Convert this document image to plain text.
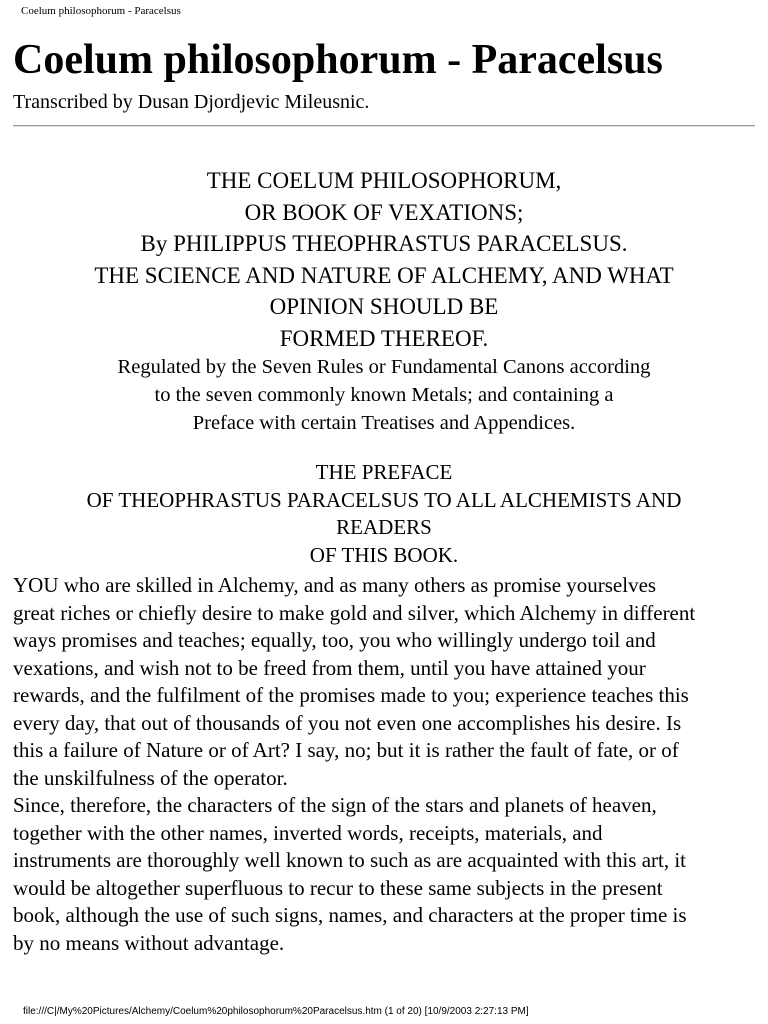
Coelum philosophorum - Paracelsus
Coelum philosophorum - Paracelsus
Transcribed by Dusan Djordjevic Mileusnic.
THE COELUM PHILOSOPHORUM,
OR BOOK OF VEXATIONS;
By PHILIPPUS THEOPHRASTUS PARACELSUS.
THE SCIENCE AND NATURE OF ALCHEMY, AND WHAT
OPINION SHOULD BE
FORMED THEREOF.
Regulated by the Seven Rules or Fundamental Canons according
to the seven commonly known Metals; and containing a
Preface with certain Treatises and Appendices.
THE PREFACE
OF THEOPHRASTUS PARACELSUS TO ALL ALCHEMISTS AND
READERS
OF THIS BOOK.
YOU who are skilled in Alchemy, and as many others as promise yourselves
great riches or chiefly desire to make gold and silver, which Alchemy in different
ways promises and teaches; equally, too, you who willingly undergo toil and
vexations, and wish not to be freed from them, until you have attained your
rewards, and the fulfilment of the promises made to you; experience teaches this
every day, that out of thousands of you not even one accomplishes his desire. Is
this a failure of Nature or of Art? I say, no; but it is rather the fault of fate, or of
the unskilfulness of the operator.
Since, therefore, the characters of the sign of the stars and planets of heaven,
together with the other names, inverted words, receipts, materials, and
instruments are thoroughly well known to such as are acquainted with this art, it
would be altogether superfluous to recur to these same subjects in the present
book, although the use of such signs, names, and characters at the proper time is
by no means without advantage.
file:///C|/My%20Pictures/Alchemy/Coelum%20philosophorum%20Paracelsus.htm (1 of 20) [10/9/2003 2:27:13 PM]
